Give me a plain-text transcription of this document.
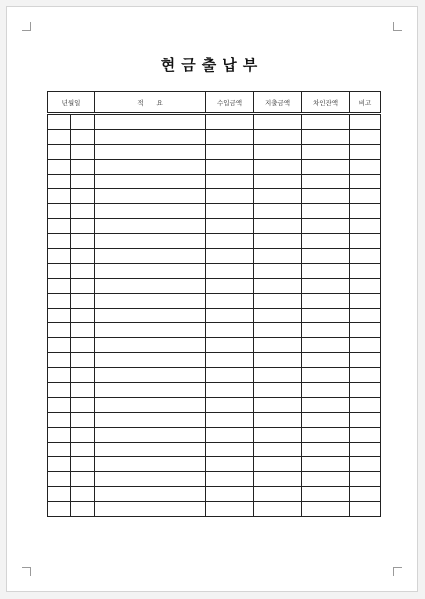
현금출납부
년월일		적　　요	수입금액	지출금액	차인잔액	비고
